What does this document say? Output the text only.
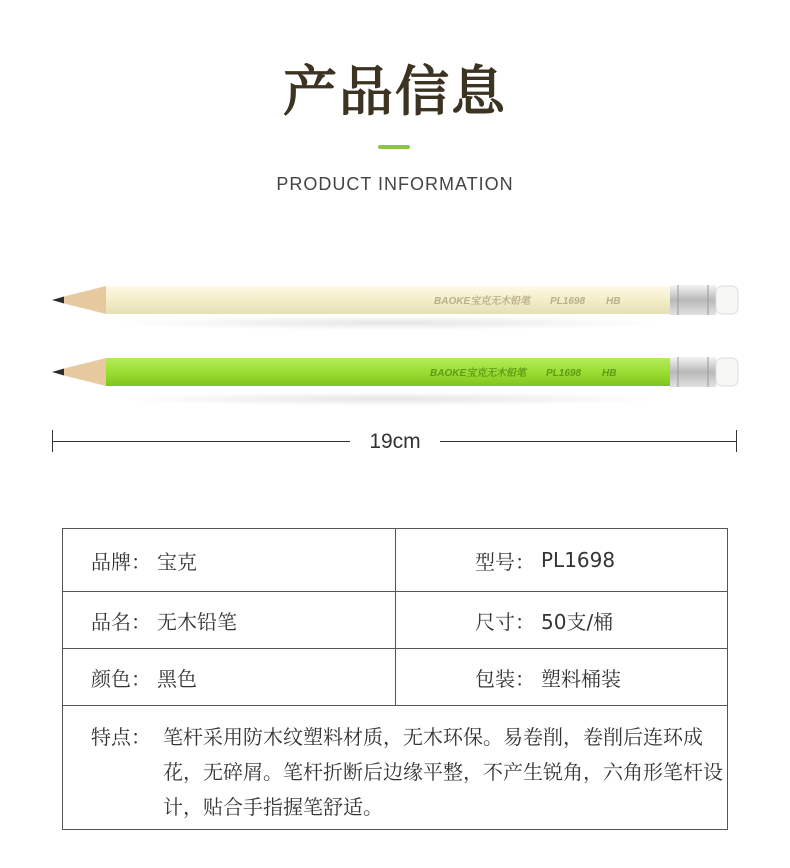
产品信息
PRODUCT INFORMATION
BAOKE宝克 无木铅笔 PL1698 HB
BAOKE宝克 无木铅笔 PL1698 HB
19cm
品牌： 宝克	型号： PL1698
品名： 无木铅笔	尺寸： 50支/桶
颜色： 黑色	包装： 塑料桶装
特点： 笔杆采用防木纹塑料材质，无木环保。易卷削，卷削后连环成花，无碎屑。笔杆折断后边缘平整，不产生锐角，六角形笔杆设计，贴合手指握笔舒适。
